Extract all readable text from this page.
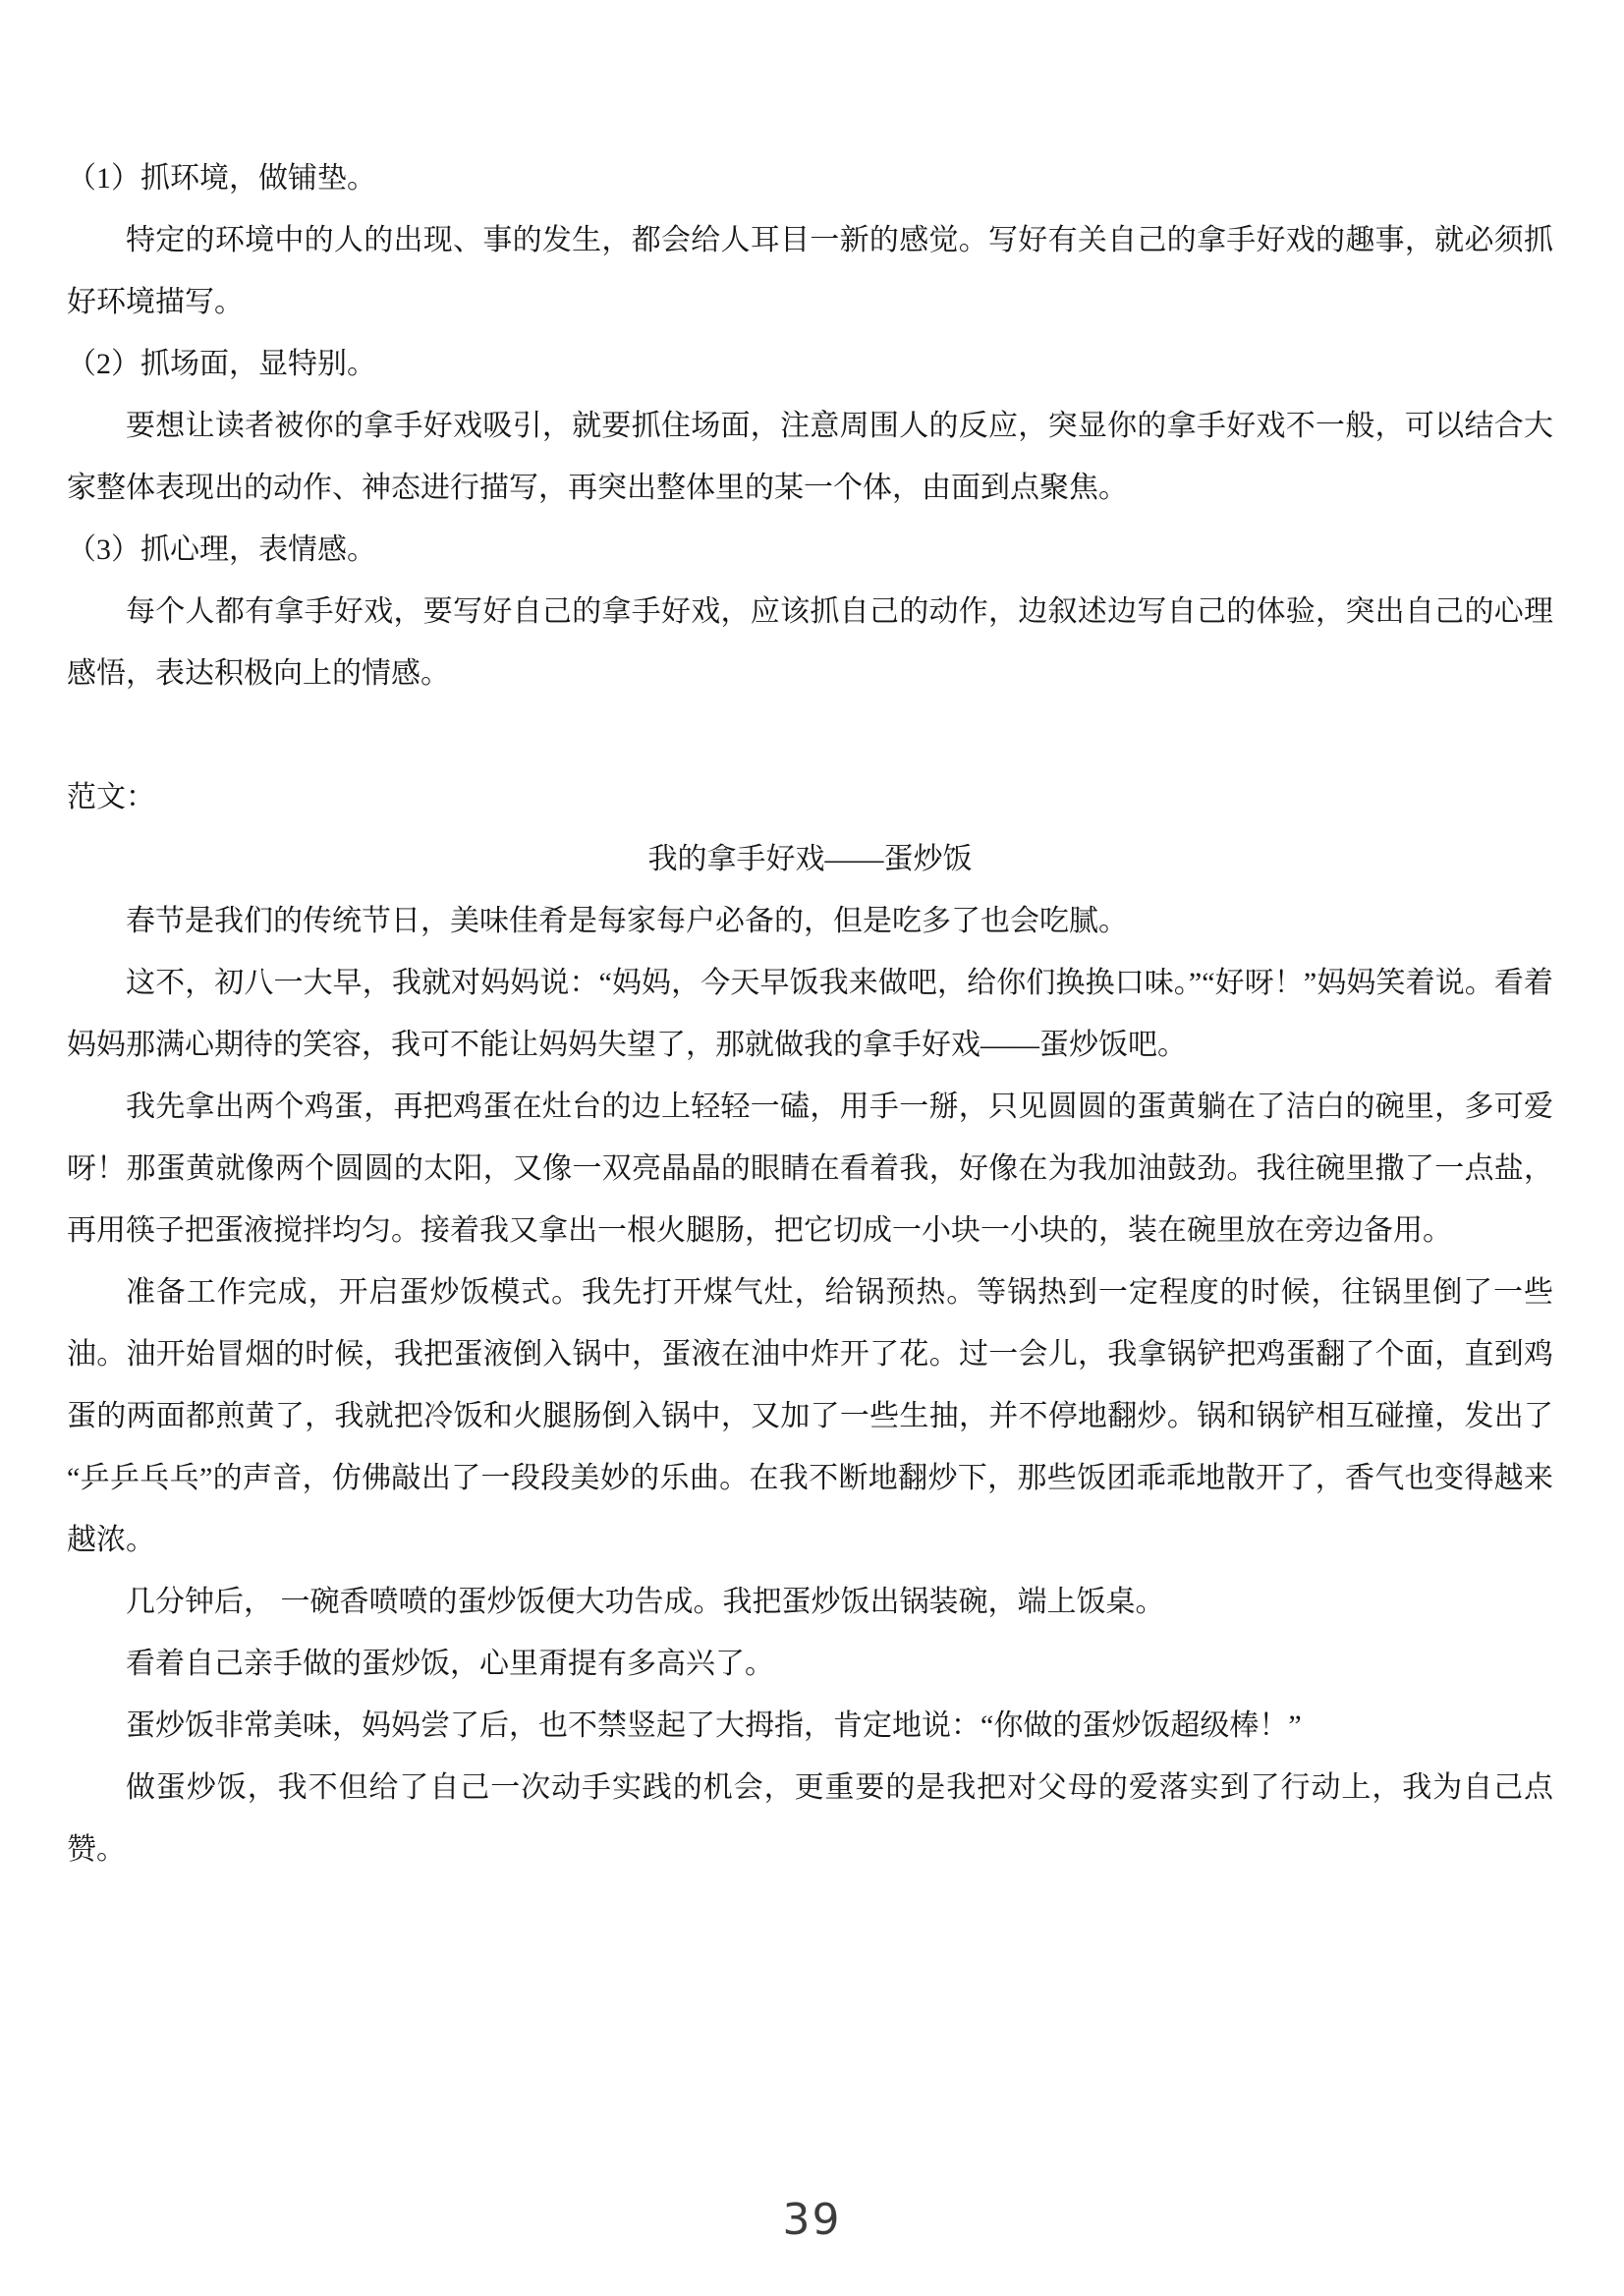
（1）抓环境，做铺垫。

特定的环境中的人的出现、事的发生，都会给人耳目一新的感觉。写好有关自己的拿手好戏的趣事，就必须抓好环境描写。

（2）抓场面，显特别。

要想让读者被你的拿手好戏吸引，就要抓住场面，注意周围人的反应，突显你的拿手好戏不一般，可以结合大家整体表现出的动作、神态进行描写，再突出整体里的某一个体，由面到点聚焦。

（3）抓心理，表情感。

每个人都有拿手好戏，要写好自己的拿手好戏，应该抓自己的动作，边叙述边写自己的体验，突出自己的心理感悟，表达积极向上的情感。

范文：

我的拿手好戏——蛋炒饭

春节是我们的传统节日，美味佳肴是每家每户必备的，但是吃多了也会吃腻。

这不，初八一大早，我就对妈妈说：“妈妈，今天早饭我来做吧，给你们换换口味。”“好呀！”妈妈笑着说。看着妈妈那满心期待的笑容，我可不能让妈妈失望了，那就做我的拿手好戏——蛋炒饭吧。

我先拿出两个鸡蛋，再把鸡蛋在灶台的边上轻轻一磕，用手一掰，只见圆圆的蛋黄躺在了洁白的碗里，多可爱呀！那蛋黄就像两个圆圆的太阳，又像一双亮晶晶的眼睛在看着我，好像在为我加油鼓劲。我往碗里撒了一点盐，再用筷子把蛋液搅拌均匀。接着我又拿出一根火腿肠，把它切成一小块一小块的，装在碗里放在旁边备用。

准备工作完成，开启蛋炒饭模式。我先打开煤气灶，给锅预热。等锅热到一定程度的时候，往锅里倒了一些油。油开始冒烟的时候，我把蛋液倒入锅中，蛋液在油中炸开了花。过一会儿，我拿锅铲把鸡蛋翻了个面，直到鸡蛋的两面都煎黄了，我就把冷饭和火腿肠倒入锅中，又加了一些生抽，并不停地翻炒。锅和锅铲相互碰撞，发出了“乒乒乓乓”的声音，仿佛敲出了一段段美妙的乐曲。在我不断地翻炒下，那些饭团乖乖地散开了，香气也变得越来越浓。

几分钟后， 一碗香喷喷的蛋炒饭便大功告成。我把蛋炒饭出锅装碗，端上饭桌。

看着自己亲手做的蛋炒饭，心里甭提有多高兴了。

蛋炒饭非常美味，妈妈尝了后，也不禁竖起了大拇指，肯定地说：“你做的蛋炒饭超级棒！”

做蛋炒饭，我不但给了自己一次动手实践的机会，更重要的是我把对父母的爱落实到了行动上，我为自己点赞。

39
